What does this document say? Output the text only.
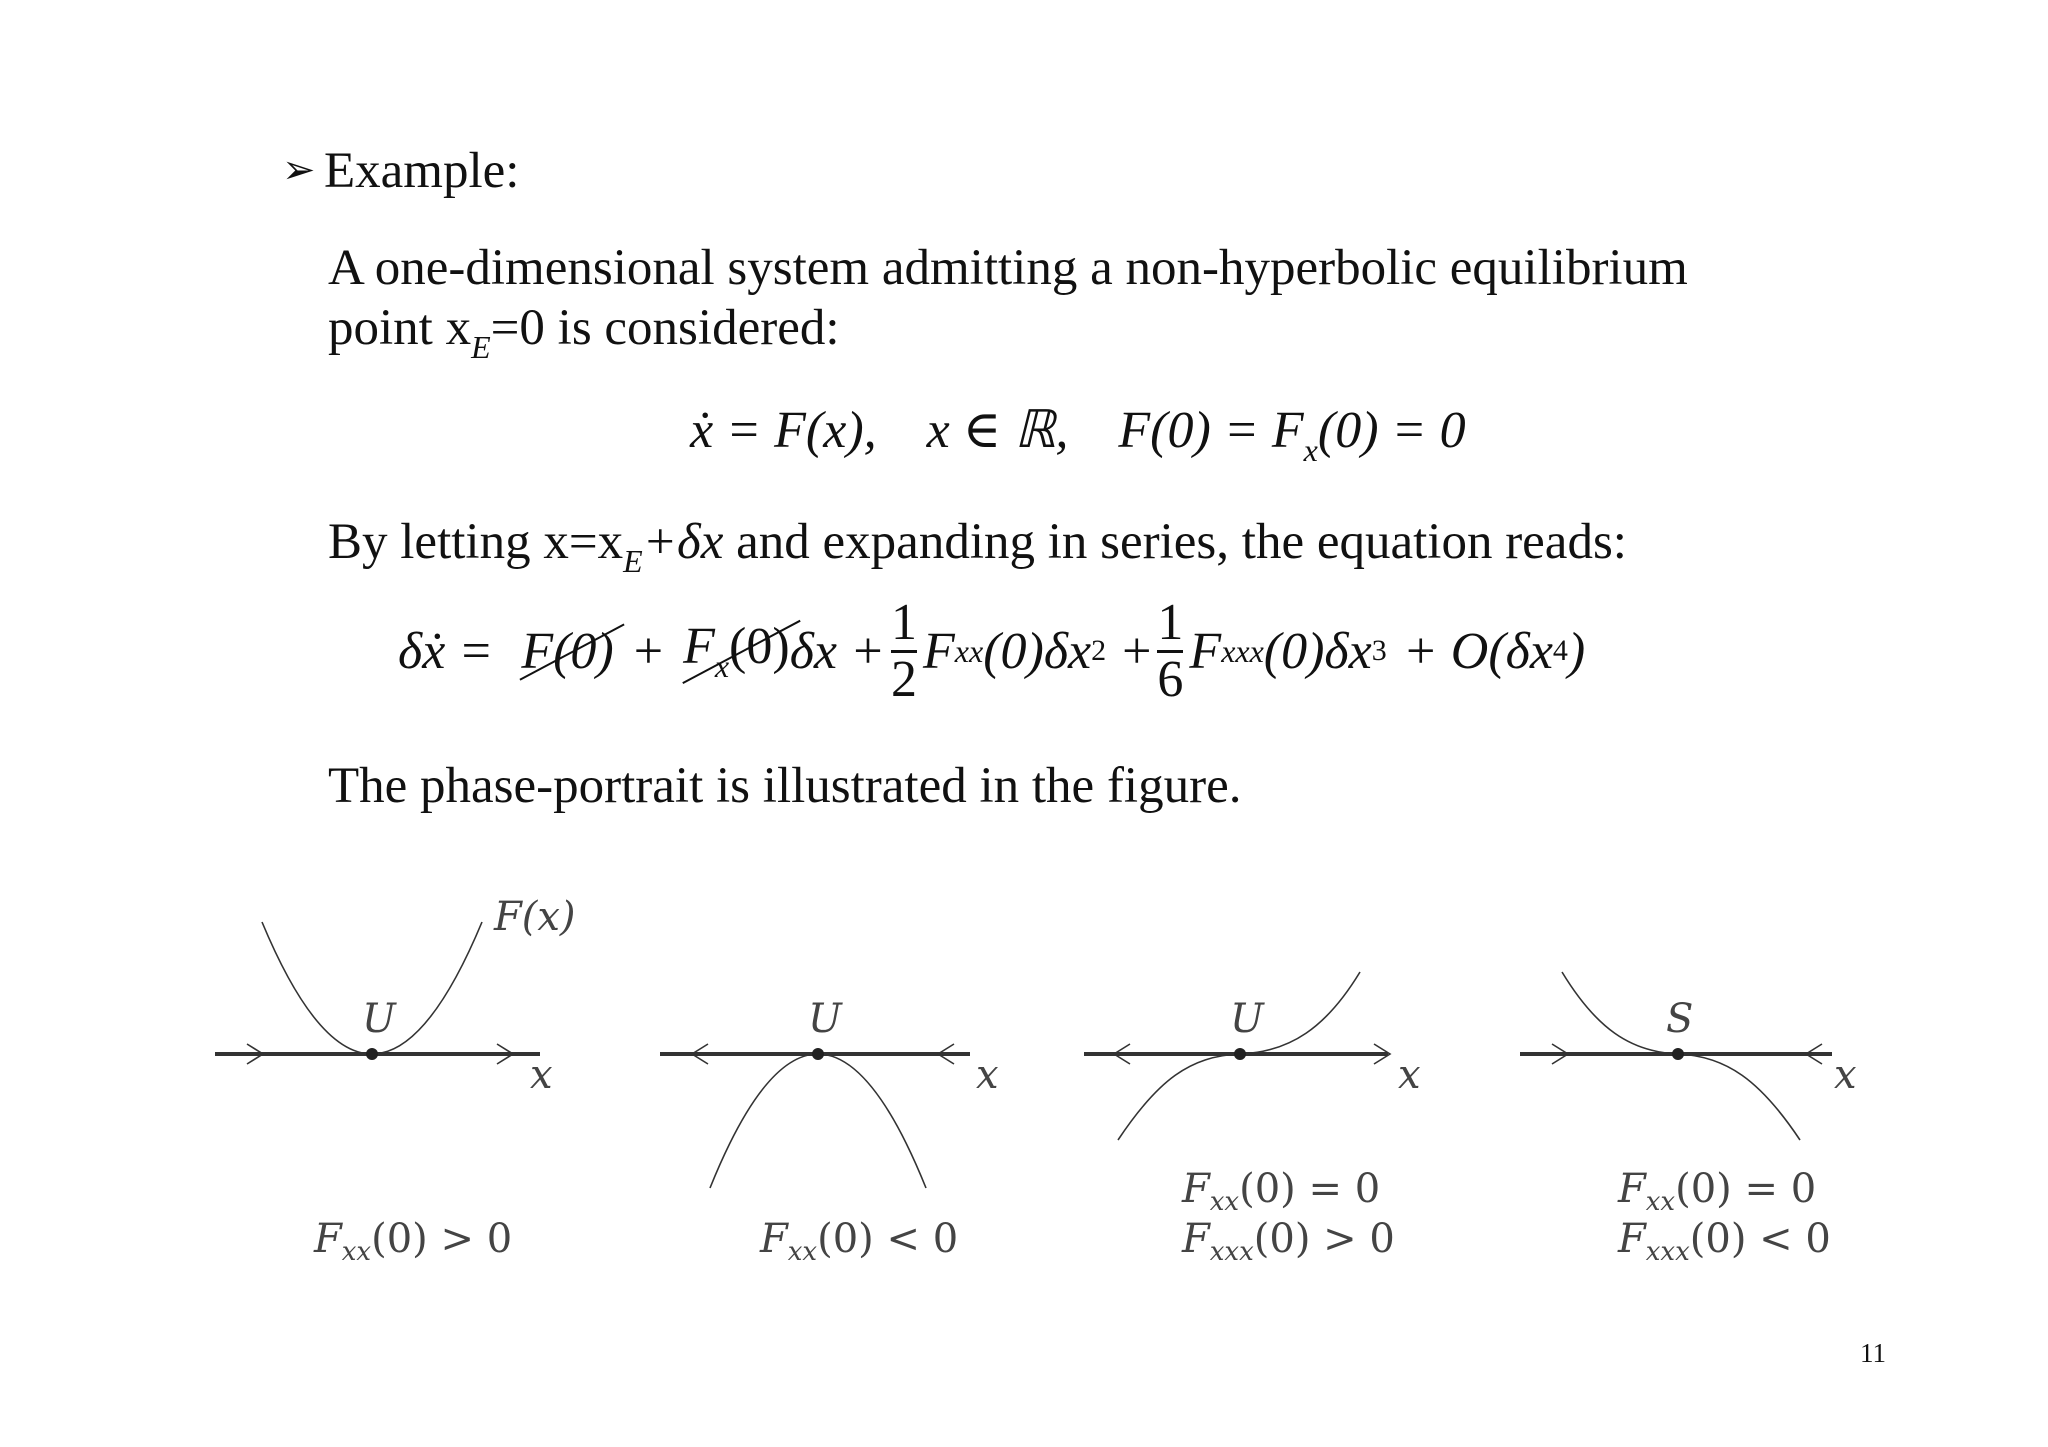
➢ Example:
A one-dimensional system admitting a non-hyperbolic equilibrium
point $x_E=0$ is considered:
ẋ = F(x), x ∈ ℝ, $F(0) = F_x(0) = 0$
By letting $x=x_E+\delta x$ and expanding in series, the equation reads:
δẋ = $F(0) + F_x(0) \delta x + \frac{1}{2}$ F xx (0)δx $2 + \frac{1}{6}$ F xxx (0)δx 3 + O(δx 4 )
The phase-portrait is illustrated in the figure.
F(x)
U	U	U	S
x	x	x	x
$F_{xx}(0) > 0$	$F_{xx}(0) < 0$
$F_{xx}(0) = 0$
$F_{xxx}(0) > 0$
$F_{xx}(0) = 0$
$F_{xxx}(0) < 0$
11
